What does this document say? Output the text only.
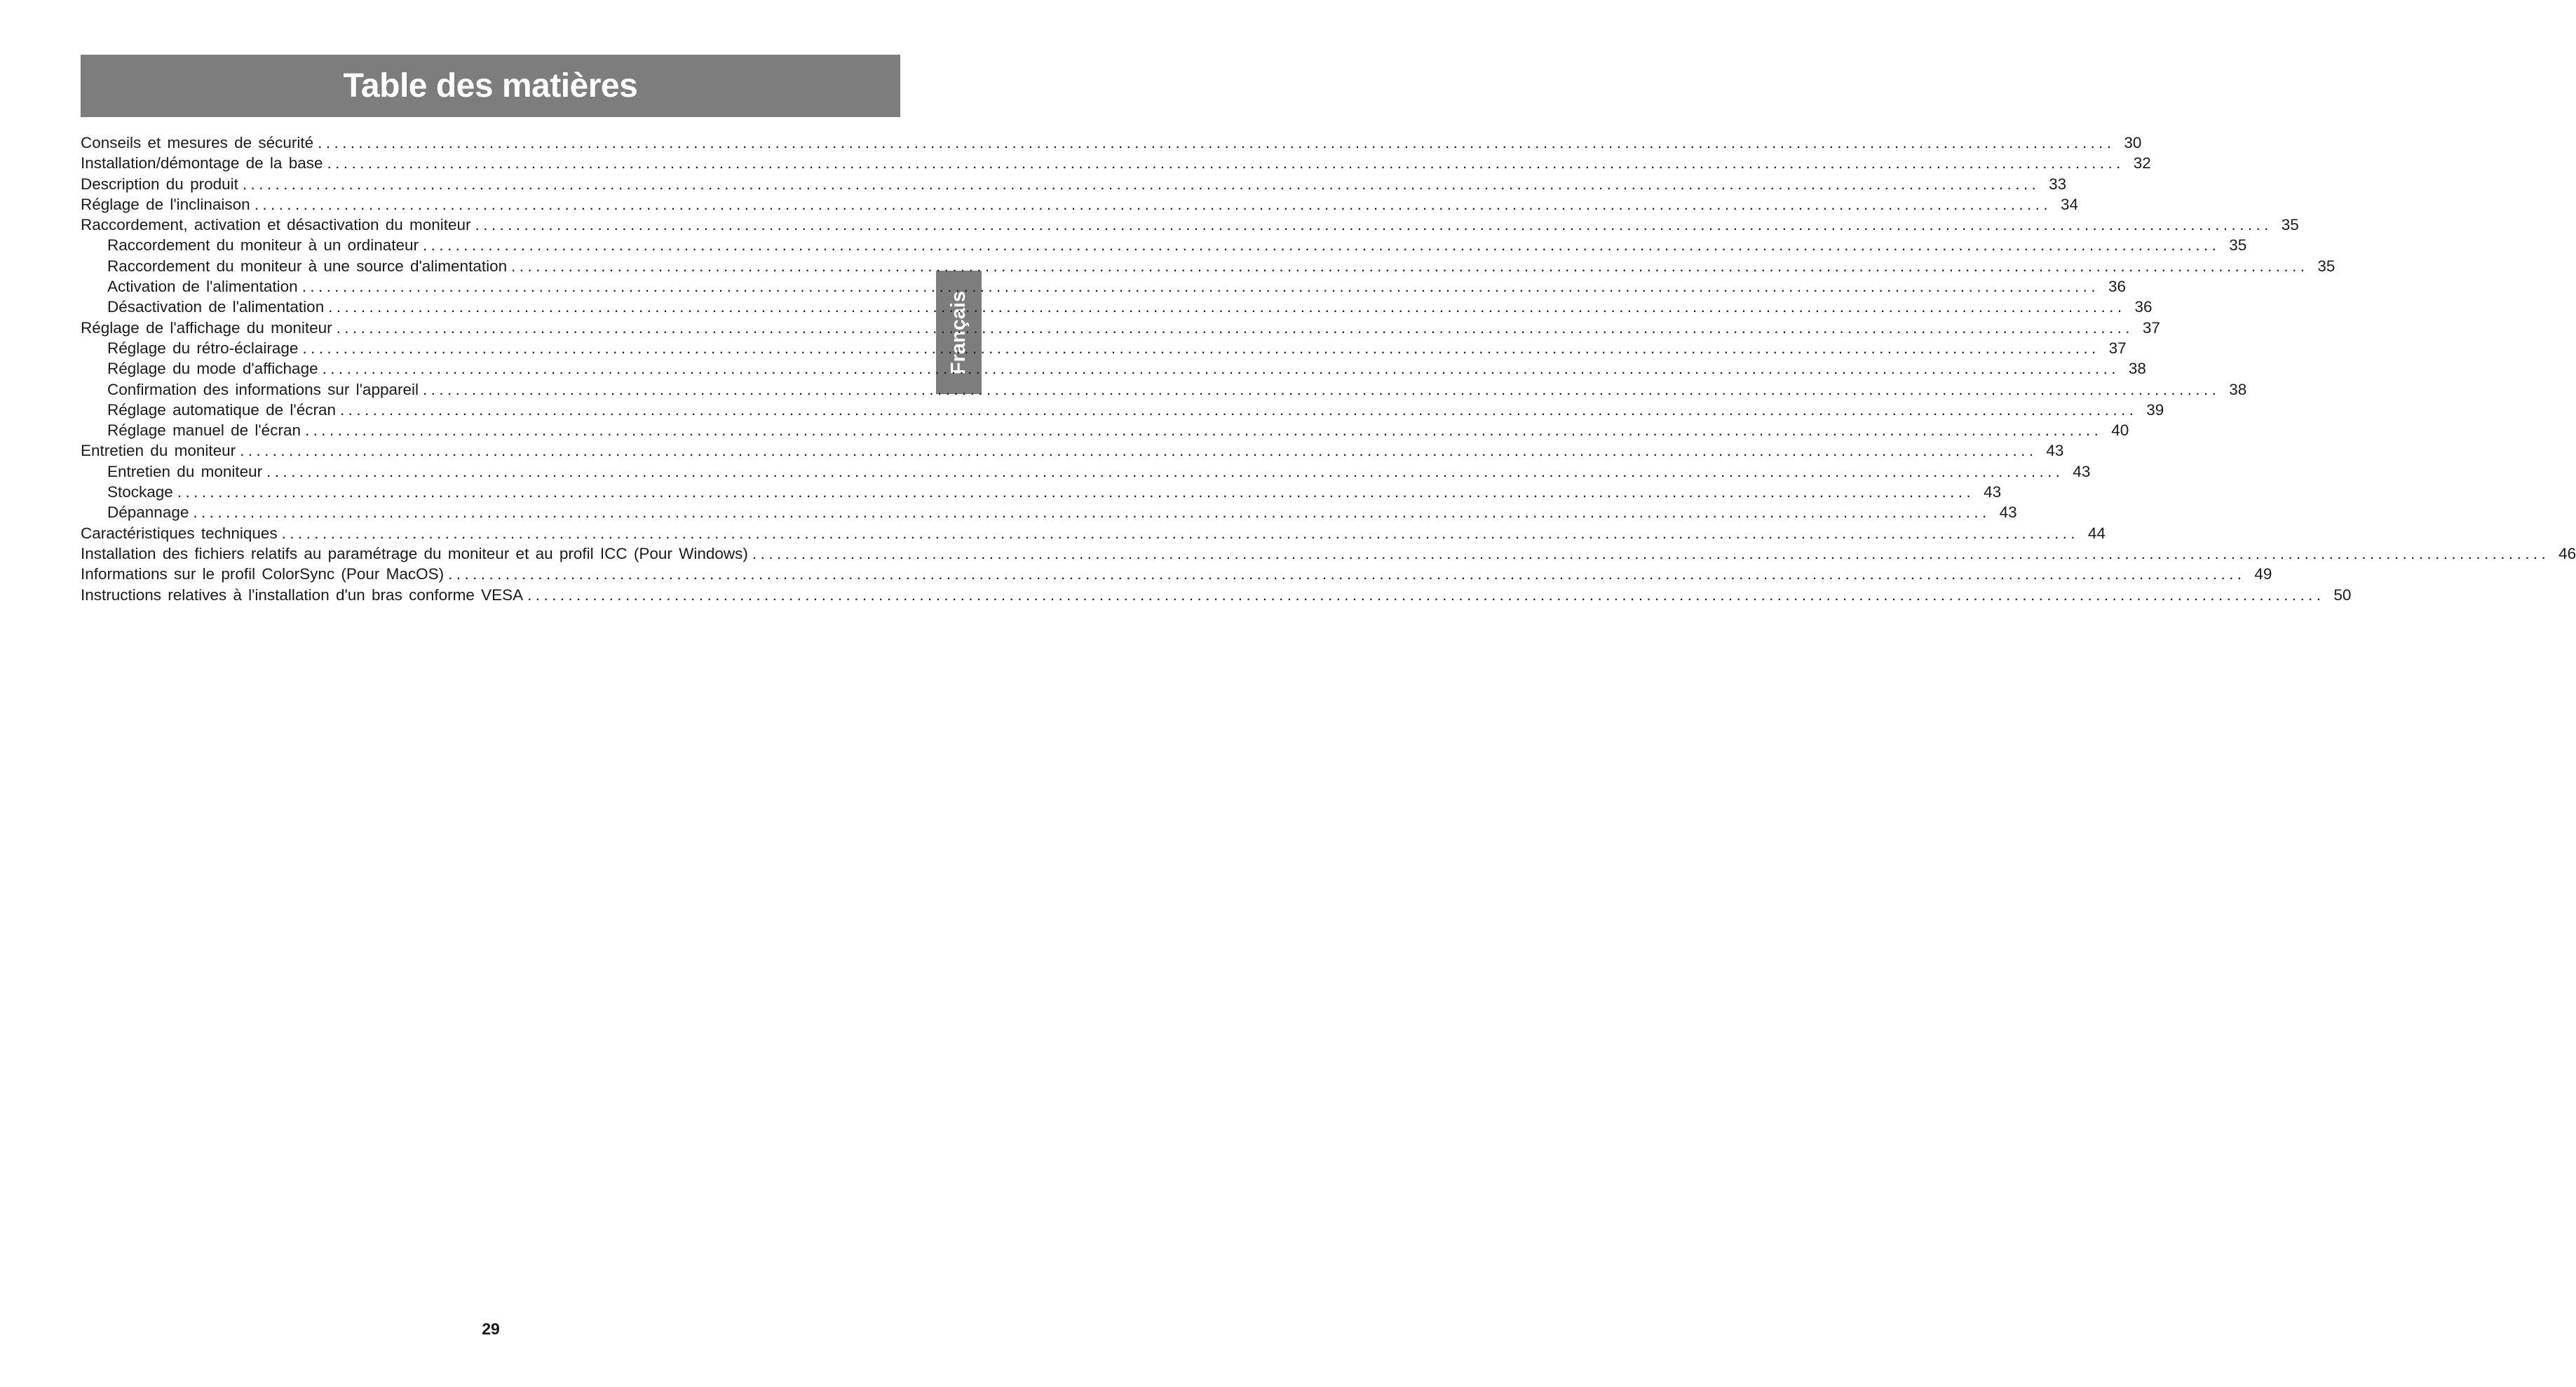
Table des matières
Français
Conseils et mesures de sécurité ............................................................................................................................................................................................................................ 30
Installation/démontage de la base ............................................................................................................................................................................................................................ 32
Description du produit ............................................................................................................................................................................................................................ 33
Réglage de l'inclinaison ............................................................................................................................................................................................................................ 34
Raccordement, activation et désactivation du moniteur ............................................................................................................................................................................................................................ 35
Raccordement du moniteur à un ordinateur ............................................................................................................................................................................................................................ 35
Raccordement du moniteur à une source d'alimentation ............................................................................................................................................................................................................................ 35
Activation de l'alimentation ............................................................................................................................................................................................................................ 36
Désactivation de l'alimentation ............................................................................................................................................................................................................................ 36
Réglage de l'affichage du moniteur ............................................................................................................................................................................................................................ 37
Réglage du rétro-éclairage ............................................................................................................................................................................................................................ 37
Réglage du mode d'affichage ............................................................................................................................................................................................................................ 38
Confirmation des informations sur l'appareil ............................................................................................................................................................................................................................ 38
Réglage automatique de l'écran ............................................................................................................................................................................................................................ 39
Réglage manuel de l'écran ............................................................................................................................................................................................................................ 40
Entretien du moniteur ............................................................................................................................................................................................................................ 43
Entretien du moniteur ............................................................................................................................................................................................................................ 43
Stockage ............................................................................................................................................................................................................................ 43
Dépannage ............................................................................................................................................................................................................................ 43
Caractéristiques techniques ............................................................................................................................................................................................................................ 44
Installation des fichiers relatifs au paramétrage du moniteur et au profil ICC (Pour Windows) ............................................................................................................................................................................................................................ 46
Informations sur le profil ColorSync (Pour MacOS) ............................................................................................................................................................................................................................ 49
Instructions relatives à l'installation d'un bras conforme VESA ............................................................................................................................................................................................................................ 50
29
